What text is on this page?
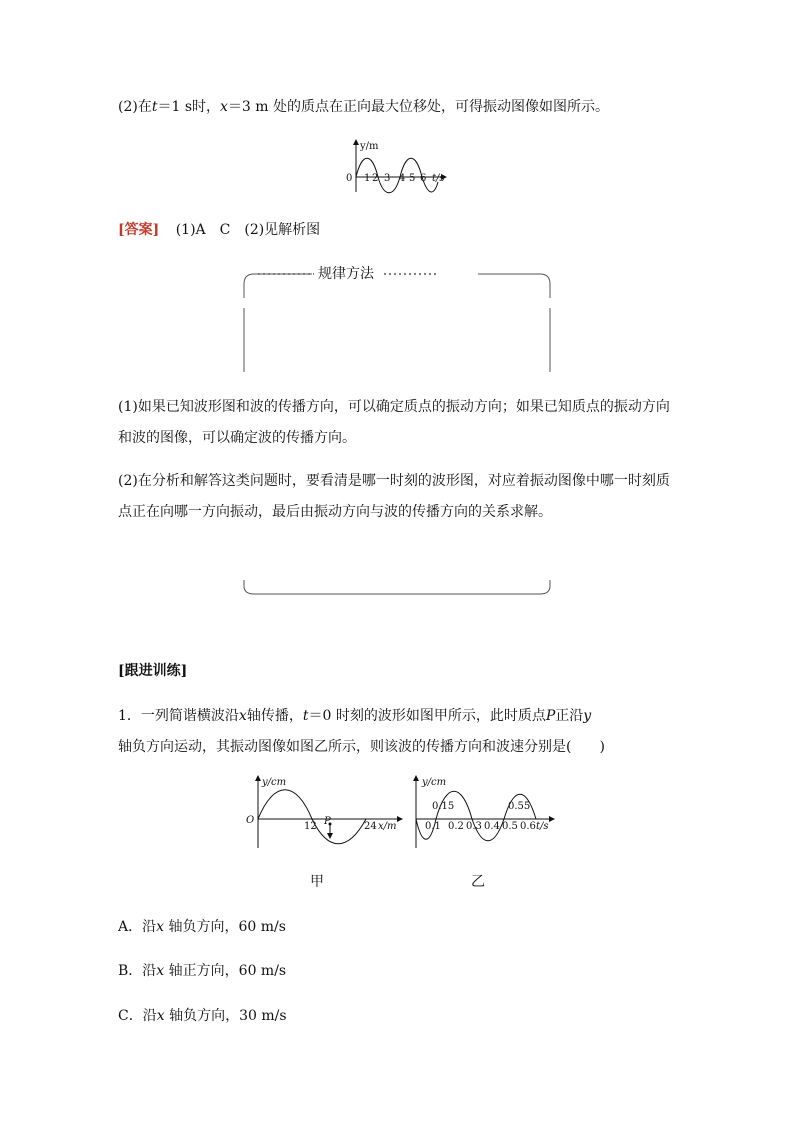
(2)在t＝1 s时，x＝3 m 处的质点在正向最大位移处，可得振动图像如图所示。
y/m
0 1 2 3 4 5 6 t/s
[答案] (1)A　C　(2)见解析图
规律方法
(1)如果已知波形图和波的传播方向，可以确定质点的振动方向；如果已知质点的振动方向和波的图像，可以确定波的传播方向。
(2)在分析和解答这类问题时，要看清是哪一时刻的波形图，对应着振动图像中哪一时刻质点正在向哪一方向振动，最后由振动方向与波的传播方向的关系求解。
[跟进训练]
1．一列简谐横波沿x轴传播，t＝0 时刻的波形如图甲所示，此时质点P正沿y
轴负方向运动，其振动图像如图乙所示，则该波的传播方向和波速分别是(　　)
y/cm
O
12 P	24 x/m
y/cm
0.15	0.55
0.1 0.2 0.3 0.4 0.5 0.6 t/s
甲	乙
A．沿x 轴负方向，60 m/s
B．沿x 轴正方向，60 m/s
C．沿x 轴负方向，30 m/s
